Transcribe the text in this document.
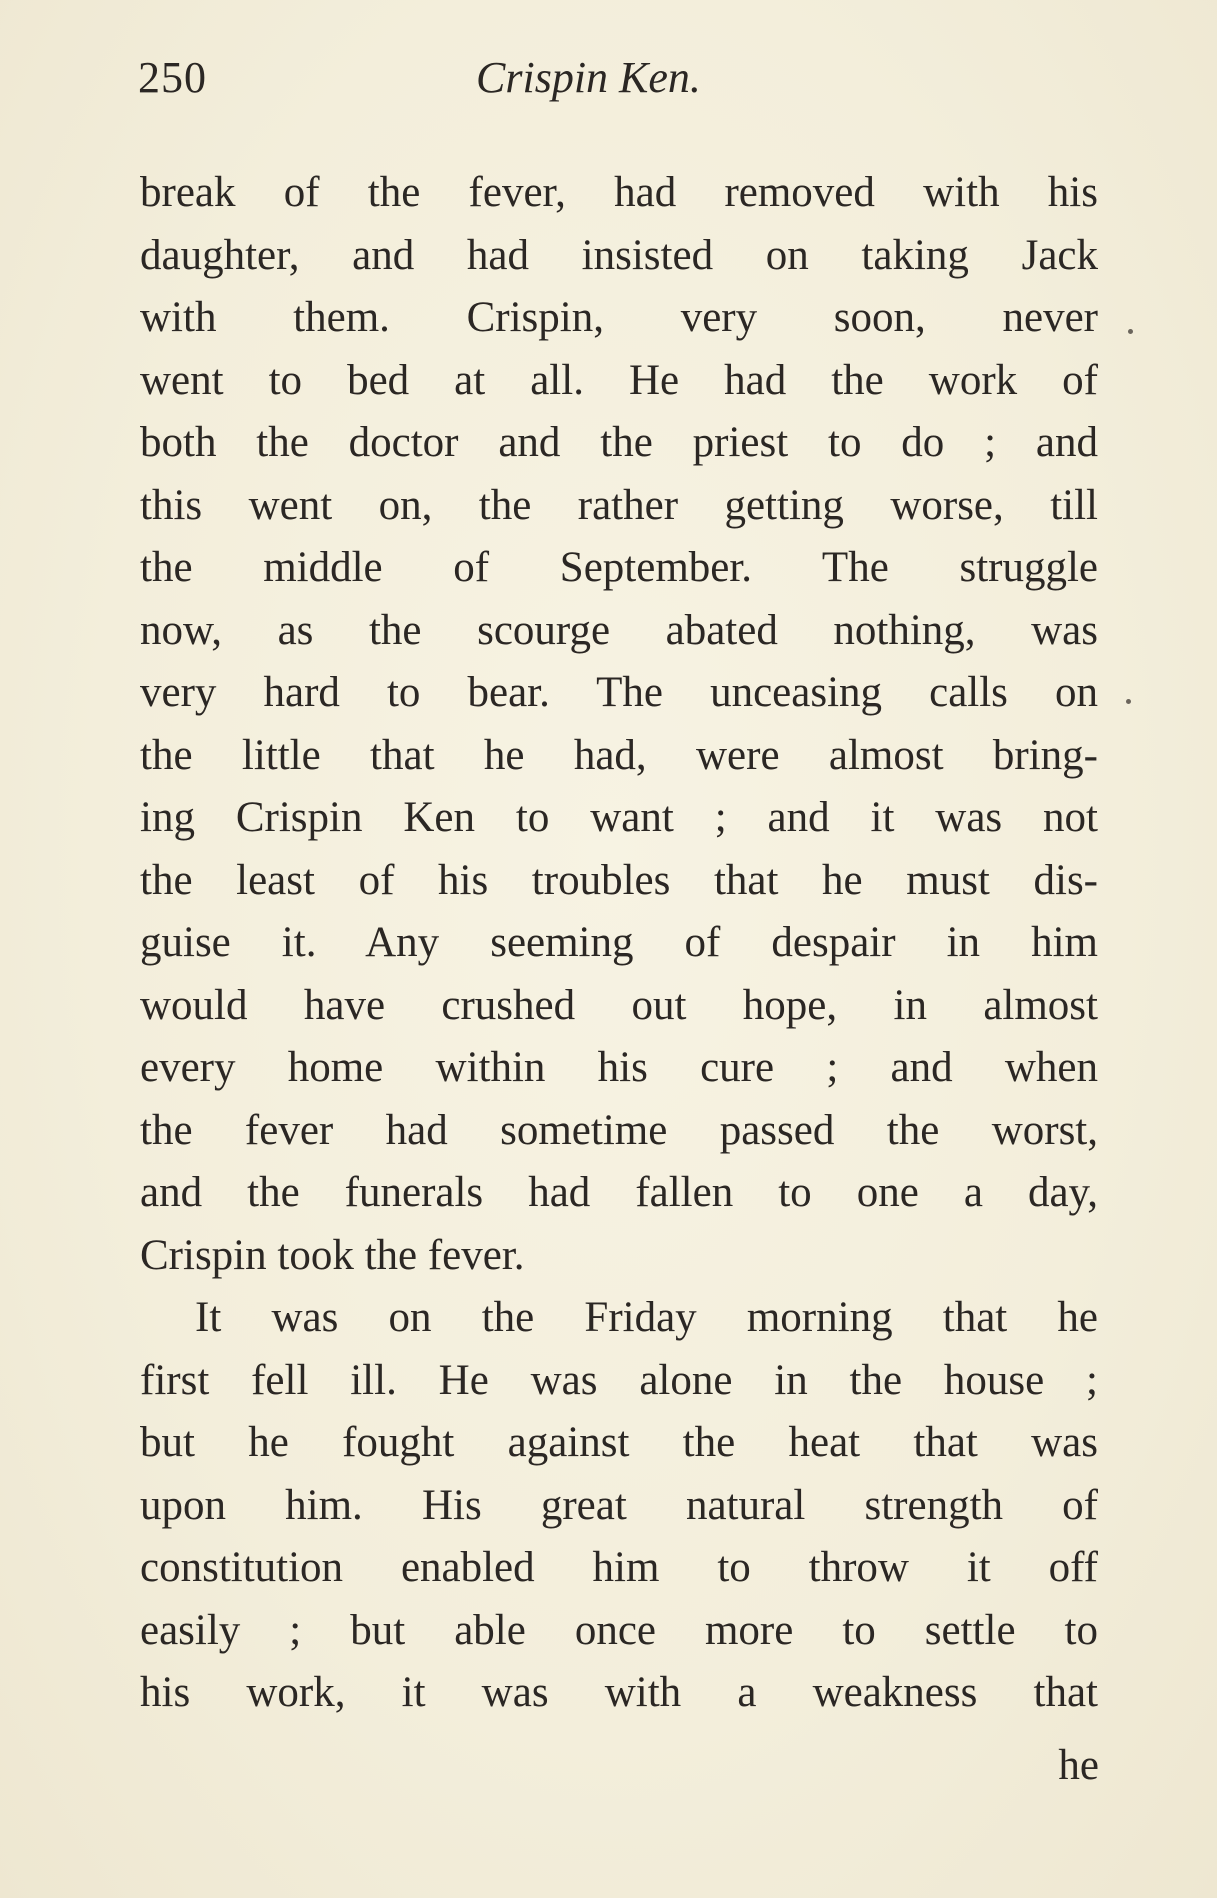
250	Crispin Ken.
break of the fever, had removed with his
daughter, and had insisted on taking Jack
with them. Crispin, very soon, never
went to bed at all. He had the work of
both the doctor and the priest to do ; and
this went on, the rather getting worse, till
the middle of September. The struggle
now, as the scourge abated nothing, was
very hard to bear. The unceasing calls on
the little that he had, were almost bring-
ing Crispin Ken to want ; and it was not
the least of his troubles that he must dis-
guise it. Any seeming of despair in him
would have crushed out hope, in almost
every home within his cure ; and when
the fever had sometime passed the worst,
and the funerals had fallen to one a day,
Crispin took the fever.
It was on the Friday morning that he
first fell ill. He was alone in the house ;
but he fought against the heat that was
upon him. His great natural strength of
constitution enabled him to throw it off
easily ; but able once more to settle to
his work, it was with a weakness that
he
